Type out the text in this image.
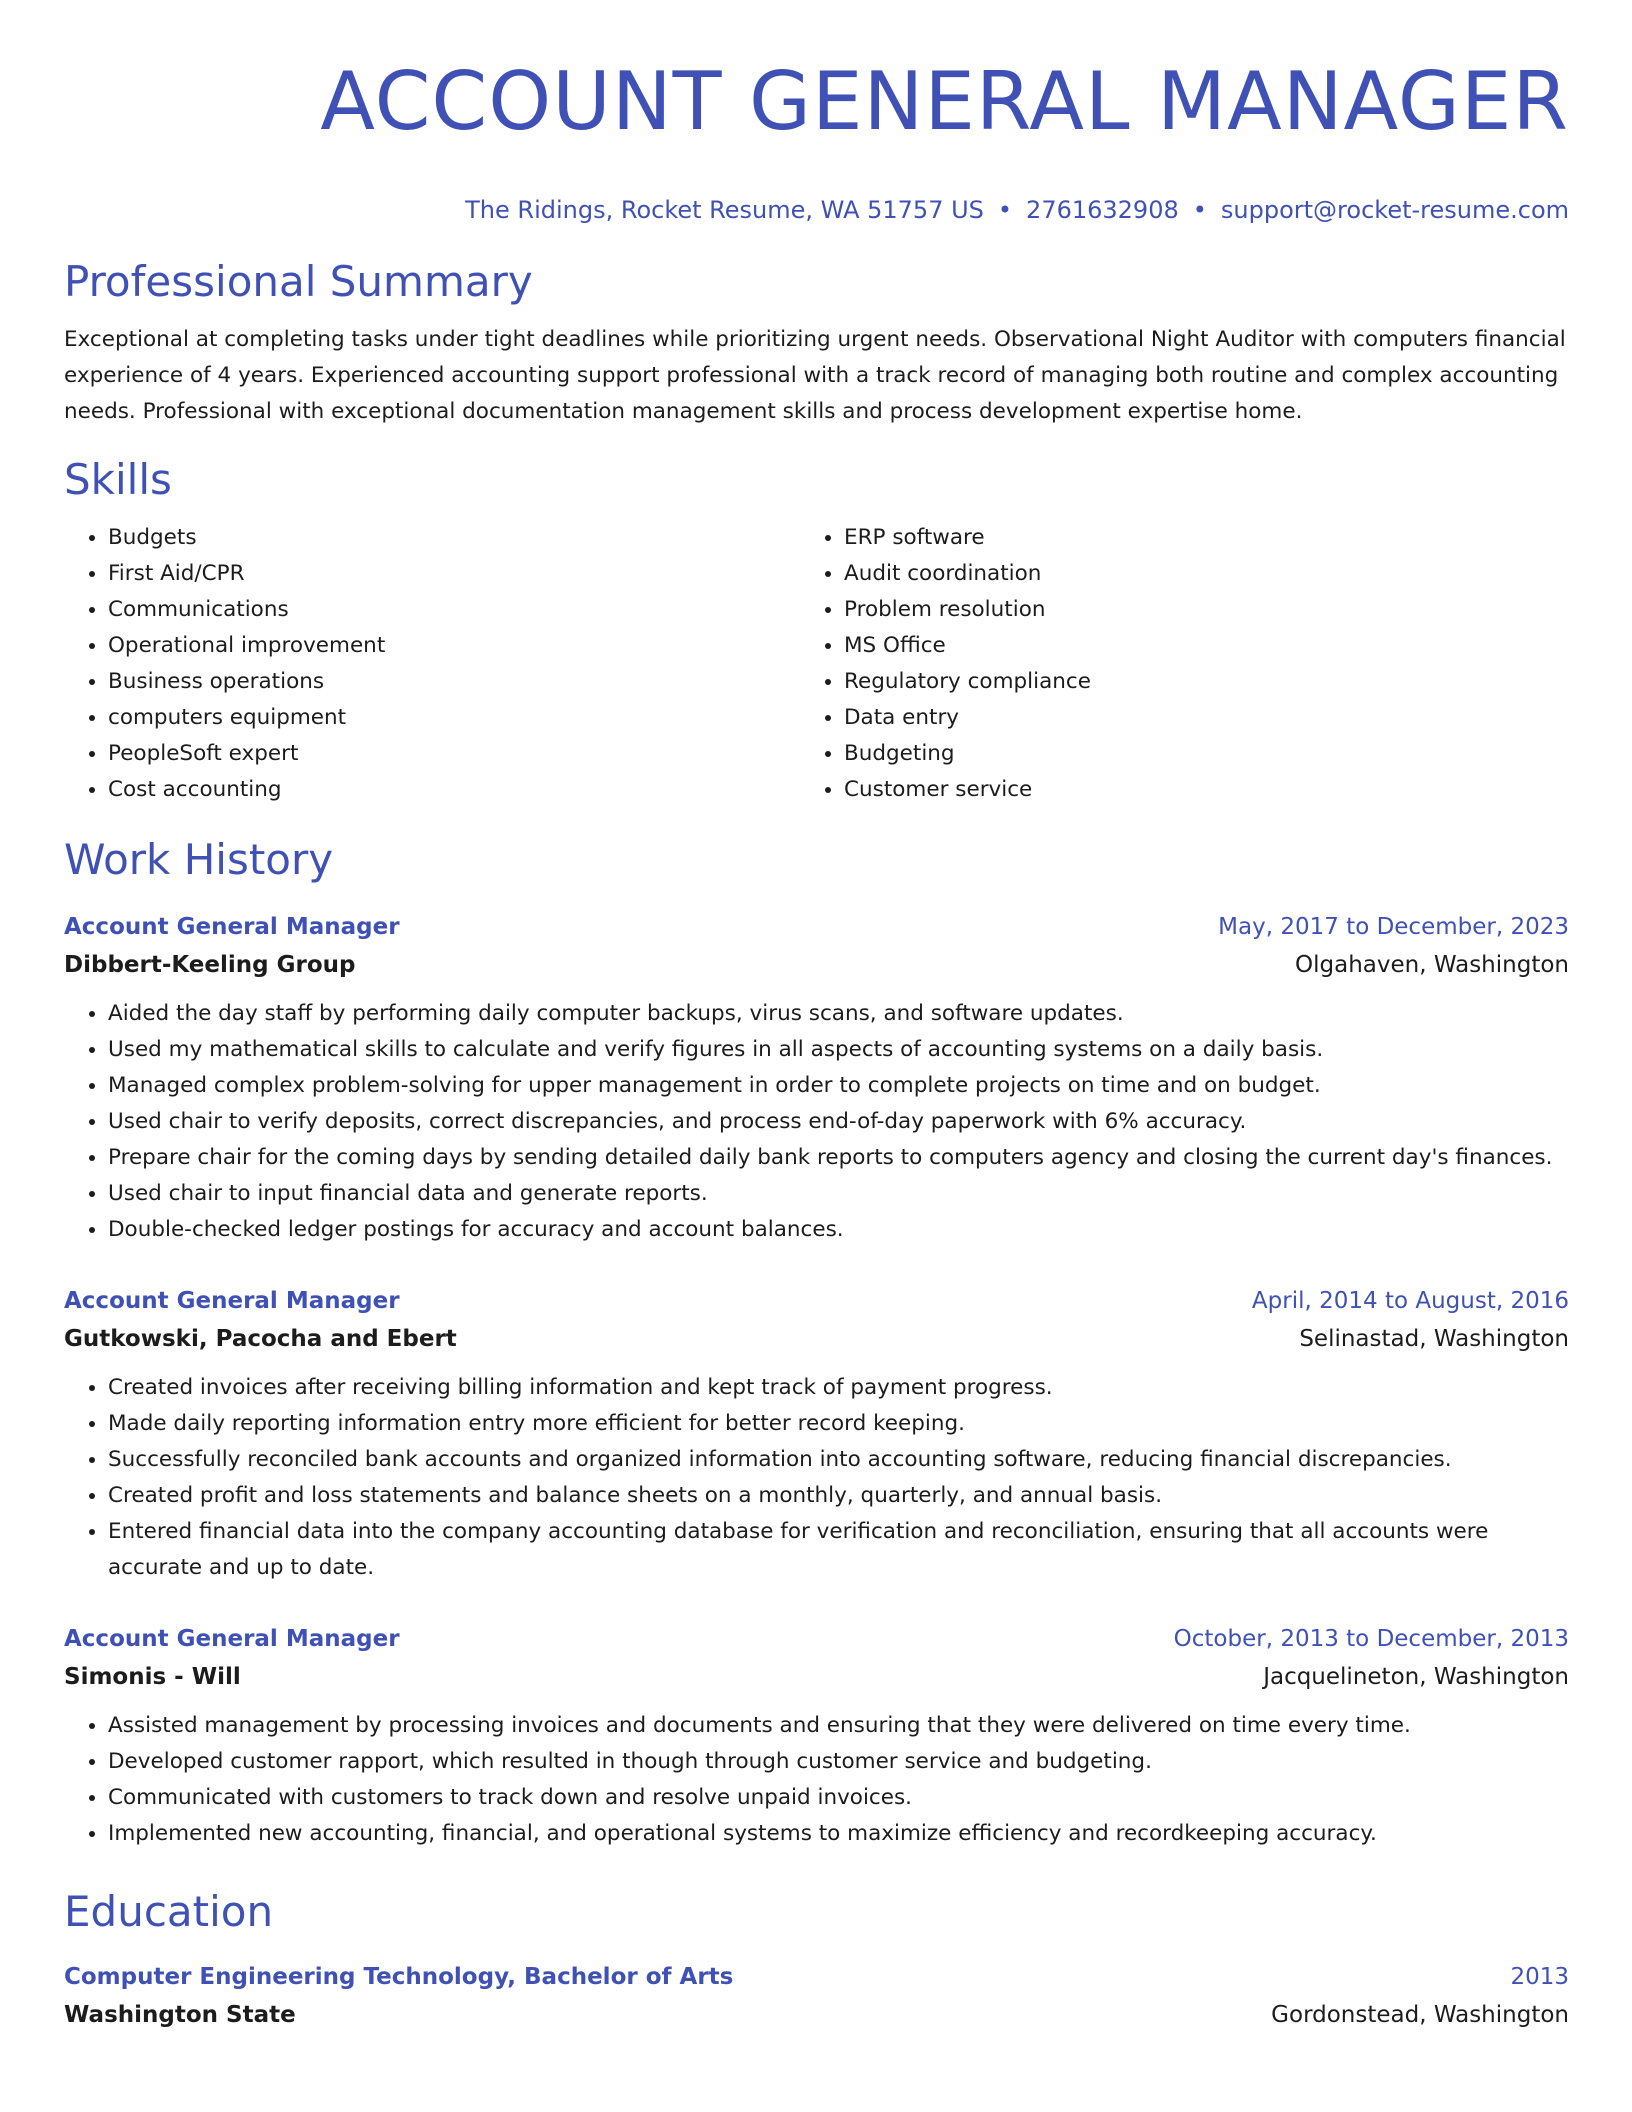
ACCOUNT GENERAL MANAGER
The Ridings, Rocket Resume, WA 51757 US • 2761632908 • support@rocket-resume.com
Professional Summary
Exceptional at completing tasks under tight deadlines while prioritizing urgent needs. Observational Night Auditor with computers financial experience of 4 years. Experienced accounting support professional with a track record of managing both routine and complex accounting needs. Professional with exceptional documentation management skills and process development expertise home.
Skills
• Budgets
• First Aid/CPR
• Communications
• Operational improvement
• Business operations
• computers equipment
• PeopleSoft expert
• Cost accounting
• ERP software
• Audit coordination
• Problem resolution
• MS Office
• Regulatory compliance
• Data entry
• Budgeting
• Customer service
Work History
Account General Manager	May, 2017 to December, 2023
Dibbert-Keeling Group	Olgahaven, Washington
• Aided the day staff by performing daily computer backups, virus scans, and software updates.
• Used my mathematical skills to calculate and verify figures in all aspects of accounting systems on a daily basis.
• Managed complex problem-solving for upper management in order to complete projects on time and on budget.
• Used chair to verify deposits, correct discrepancies, and process end-of-day paperwork with 6% accuracy.
• Prepare chair for the coming days by sending detailed daily bank reports to computers agency and closing the current day's finances.
• Used chair to input financial data and generate reports.
• Double-checked ledger postings for accuracy and account balances.
Account General Manager	April, 2014 to August, 2016
Gutkowski, Pacocha and Ebert	Selinastad, Washington
• Created invoices after receiving billing information and kept track of payment progress.
• Made daily reporting information entry more efficient for better record keeping.
• Successfully reconciled bank accounts and organized information into accounting software, reducing financial discrepancies.
• Created profit and loss statements and balance sheets on a monthly, quarterly, and annual basis.
• Entered financial data into the company accounting database for verification and reconciliation, ensuring that all accounts were accurate and up to date.
Account General Manager	October, 2013 to December, 2013
Simonis - Will	Jacquelineton, Washington
• Assisted management by processing invoices and documents and ensuring that they were delivered on time every time.
• Developed customer rapport, which resulted in though through customer service and budgeting.
• Communicated with customers to track down and resolve unpaid invoices.
• Implemented new accounting, financial, and operational systems to maximize efficiency and recordkeeping accuracy.
Education
Computer Engineering Technology, Bachelor of Arts	2013
Washington State	Gordonstead, Washington
